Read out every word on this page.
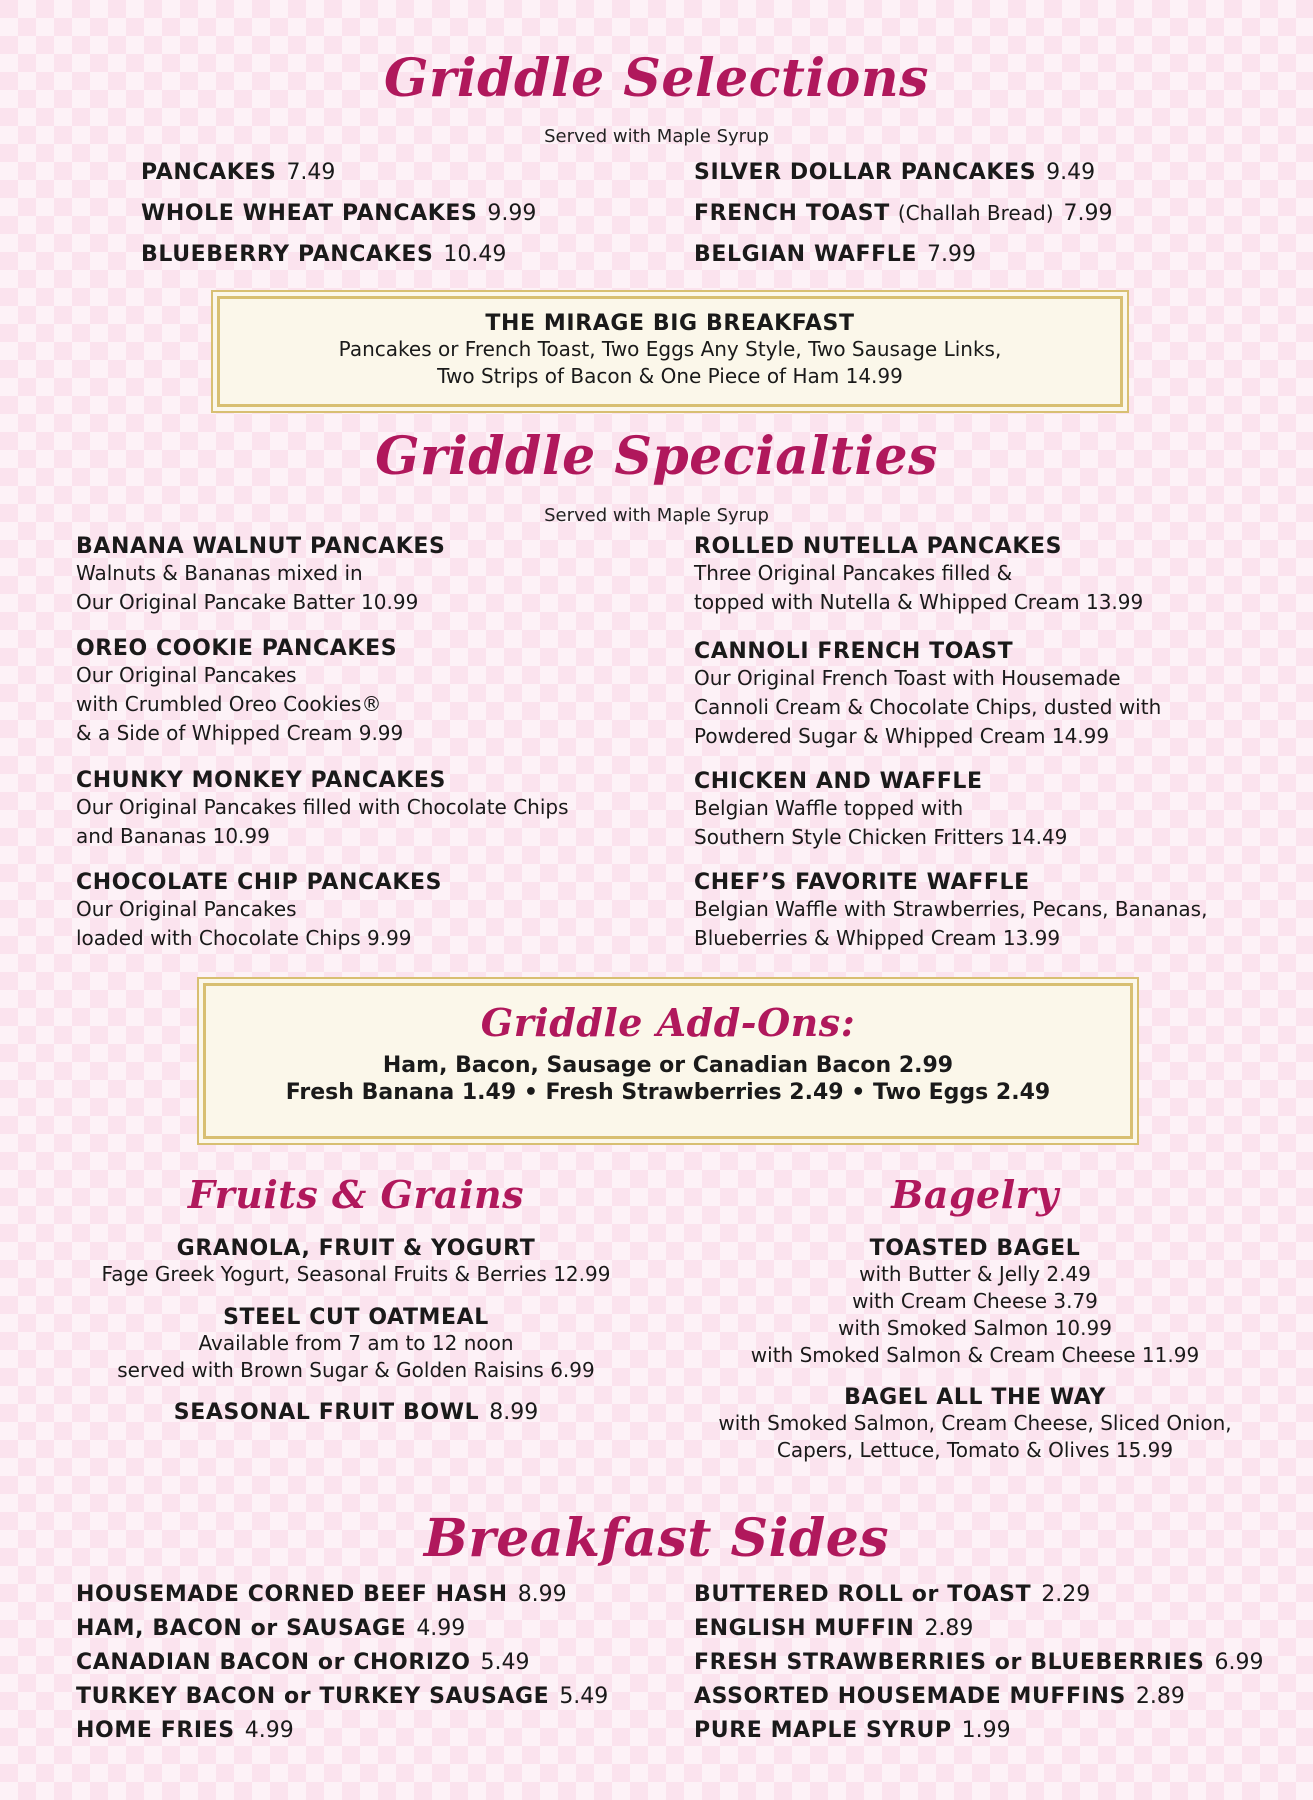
Griddle Selections
Served with Maple Syrup
PANCAKES 7.49
WHOLE WHEAT PANCAKES 9.99
BLUEBERRY PANCAKES 10.49
SILVER DOLLAR PANCAKES 9.49
FRENCH TOAST (Challah Bread) 7.99
BELGIAN WAFFLE 7.99
THE MIRAGE BIG BREAKFAST
Pancakes or French Toast, Two Eggs Any Style, Two Sausage Links,
Two Strips of Bacon & One Piece of Ham 14.99
Griddle Specialties
Served with Maple Syrup
BANANA WALNUT PANCAKES
Walnuts & Bananas mixed in
Our Original Pancake Batter 10.99
OREO COOKIE PANCAKES
Our Original Pancakes
with Crumbled Oreo Cookies®
& a Side of Whipped Cream 9.99
CHUNKY MONKEY PANCAKES
Our Original Pancakes filled with Chocolate Chips
and Bananas 10.99
CHOCOLATE CHIP PANCAKES
Our Original Pancakes
loaded with Chocolate Chips 9.99
ROLLED NUTELLA PANCAKES
Three Original Pancakes filled &
topped with Nutella & Whipped Cream 13.99
CANNOLI FRENCH TOAST
Our Original French Toast with Housemade
Cannoli Cream & Chocolate Chips, dusted with
Powdered Sugar & Whipped Cream 14.99
CHICKEN AND WAFFLE
Belgian Waffle topped with
Southern Style Chicken Fritters 14.49
CHEF’S FAVORITE WAFFLE
Belgian Waffle with Strawberries, Pecans, Bananas,
Blueberries & Whipped Cream 13.99
Griddle Add-Ons:
Ham, Bacon, Sausage or Canadian Bacon 2.99
Fresh Banana 1.49 • Fresh Strawberries 2.49 • Two Eggs 2.49
Fruits & Grains
GRANOLA, FRUIT & YOGURT
Fage Greek Yogurt, Seasonal Fruits & Berries 12.99
STEEL CUT OATMEAL
Available from 7 am to 12 noon
served with Brown Sugar & Golden Raisins 6.99
SEASONAL FRUIT BOWL 8.99
Bagelry
TOASTED BAGEL
with Butter & Jelly 2.49
with Cream Cheese 3.79
with Smoked Salmon 10.99
with Smoked Salmon & Cream Cheese 11.99
BAGEL ALL THE WAY
with Smoked Salmon, Cream Cheese, Sliced Onion,
Capers, Lettuce, Tomato & Olives 15.99
Breakfast Sides
HOUSEMADE CORNED BEEF HASH 8.99
HAM, BACON or SAUSAGE 4.99
CANADIAN BACON or CHORIZO 5.49
TURKEY BACON or TURKEY SAUSAGE 5.49
HOME FRIES 4.99
BUTTERED ROLL or TOAST 2.29
ENGLISH MUFFIN 2.89
FRESH STRAWBERRIES or BLUEBERRIES 6.99
ASSORTED HOUSEMADE MUFFINS 2.89
PURE MAPLE SYRUP 1.99
